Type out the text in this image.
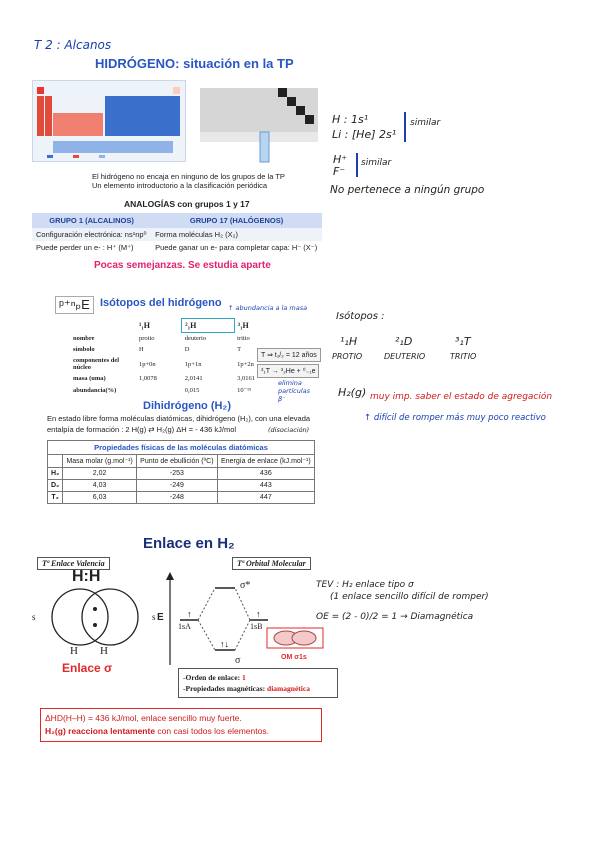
T 2 : Alcanos
HIDRÓGENO: situación en la TP
El hidrógeno no encaja en ninguno de los grupos de la TP
Un elemento introductorio a la clasificación periódica
ANALOGÍAS con grupos 1 y 17
GRUPO 1 (ALCALINOS)	GRUPO 17 (HALÓGENOS)
Configuración electrónica: ns¹np⁰	Forma moléculas H₂ (X₂)
Puede perder un e- : H⁺ (M⁺)	Puede ganar un e- para completar capa: H⁻ (X⁻)
Pocas semejanzas. Se estudia aparte
H : 1s¹
Li : [He] 2s¹
similar
H⁺
F⁻
similar
No pertenece a ningún grupo
ᵖ⁺ⁿₚE Isótopos del hidrógeno ↑ abundancia a la masa
	¹₁H	²₁H	³₁H
nombre	protio	deuterio	tritio
símbolo	H	D	T
componentes del núcleo	1p+0n	1p+1n	1p+2n
masa (uma)	1,0078	2,0141	3,0161
abundancia(%)		0,015	10⁻¹⁵
T ⇒ t₁/₂ = 12 años
³₁T → ³₂He + ⁰₋₁e
elimina partículas β⁻
Isótopos :
¹₁H	²₁D	³₁T
PROTIO	DEUTERIO	TRITIO
H₂(g) muy imp. saber el estado de agregación
↑ difícil de romper más muy poco reactivo
Dihidrógeno (H₂)
En estado libre forma moléculas diatómicas, dihidrógeno (H₂), con una elevada entalpía de formación : 2 H(g) ⇄ H₂(g) ΔH = - 436 kJ/mol	(disociación)
Propiedades físicas de las moléculas diatómicas
	Masa molar (g.mol⁻¹)	Punto de ebullición (ºC)	Energía de enlace (kJ.mol⁻¹)
H₂	2,02	-253	436
D₂	4,03	-249	443
T₂	6,03	-248	447
Enlace en H₂
Tª Enlace Valencia	Tª Orbital Molecular
H:H
s	s
H H
Enlace σ
↑	↑
↑↓
E
σ*
σ
1sA	1sB
OM σ1s
-Orden de enlace: 1
-Propiedades magnéticas: diamagnética
ΔHD(H–H) = 436 kJ/mol, enlace sencillo muy fuerte.
H₂(g) reacciona lentamente con casi todos los elementos.
TEV : H₂ enlace tipo σ
(1 enlace sencillo difícil de romper)
OE = (2 - 0)/2 = 1 → Diamagnética
